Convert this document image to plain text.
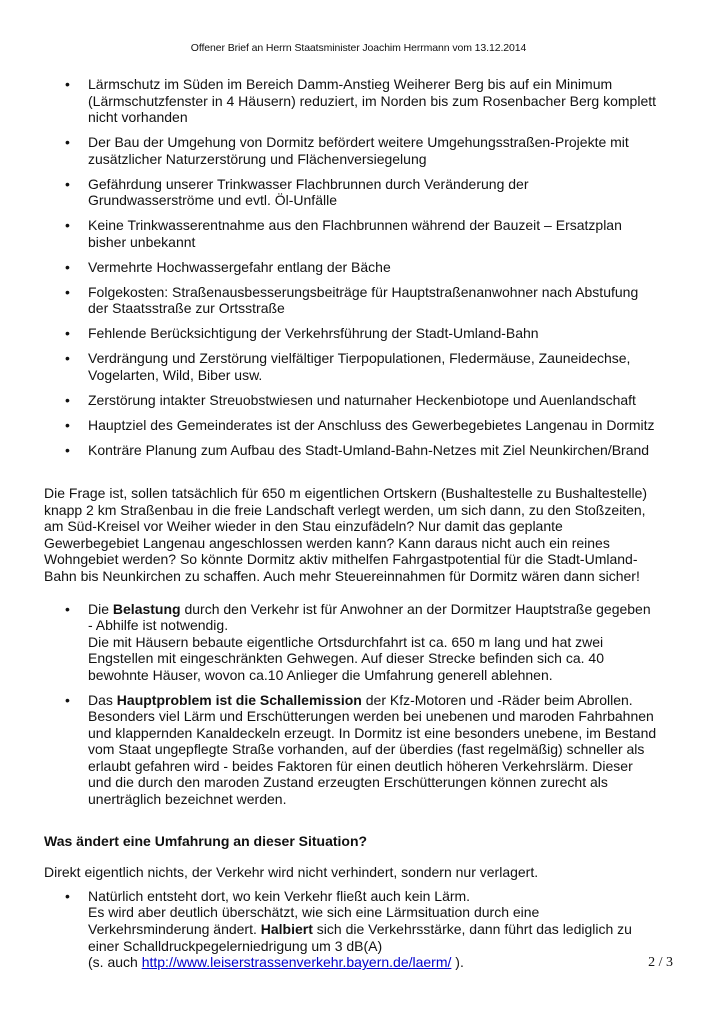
Offener Brief an Herrn Staatsminister Joachim Herrmann vom 13.12.2014
• Lärmschutz im Süden im Bereich Damm-Anstieg Weiherer Berg bis auf ein Minimum
(Lärmschutzfenster in 4 Häusern) reduziert, im Norden bis zum Rosenbacher Berg komplett
nicht vorhanden
• Der Bau der Umgehung von Dormitz befördert weitere Umgehungsstraßen-Projekte mit
zusätzlicher Naturzerstörung und Flächenversiegelung
• Gefährdung unserer Trinkwasser Flachbrunnen durch Veränderung der
Grundwasserströme und evtl. Öl-Unfälle
• Keine Trinkwasserentnahme aus den Flachbrunnen während der Bauzeit – Ersatzplan
bisher unbekannt
• Vermehrte Hochwassergefahr entlang der Bäche
• Folgekosten: Straßenausbesserungsbeiträge für Hauptstraßenanwohner nach Abstufung
der Staatsstraße zur Ortsstraße
• Fehlende Berücksichtigung der Verkehrsführung der Stadt-Umland-Bahn
• Verdrängung und Zerstörung vielfältiger Tierpopulationen, Fledermäuse, Zauneidechse,
Vogelarten, Wild, Biber usw.
• Zerstörung intakter Streuobstwiesen und naturnaher Heckenbiotope und Auenlandschaft
• Hauptziel des Gemeinderates ist der Anschluss des Gewerbegebietes Langenau in Dormitz
• Konträre Planung zum Aufbau des Stadt-Umland-Bahn-Netzes mit Ziel Neunkirchen/Brand
Die Frage ist, sollen tatsächlich für 650 m eigentlichen Ortskern (Bushaltestelle zu Bushaltestelle)
knapp 2 km Straßenbau in die freie Landschaft verlegt werden, um sich dann, zu den Stoßzeiten,
am Süd-Kreisel vor Weiher wieder in den Stau einzufädeln? Nur damit das geplante
Gewerbegebiet Langenau angeschlossen werden kann? Kann daraus nicht auch ein reines
Wohngebiet werden? So könnte Dormitz aktiv mithelfen Fahrgastpotential für die Stadt-Umland-
Bahn bis Neunkirchen zu schaffen. Auch mehr Steuereinnahmen für Dormitz wären dann sicher!
• Die Belastung durch den Verkehr ist für Anwohner an der Dormitzer Hauptstraße gegeben
- Abhilfe ist notwendig.
Die mit Häusern bebaute eigentliche Ortsdurchfahrt ist ca. 650 m lang und hat zwei
Engstellen mit eingeschränkten Gehwegen. Auf dieser Strecke befinden sich ca. 40
bewohnte Häuser, wovon ca.10 Anlieger die Umfahrung generell ablehnen.
• Das Hauptproblem ist die Schallemission der Kfz-Motoren und -Räder beim Abrollen.
Besonders viel Lärm und Erschütterungen werden bei unebenen und maroden Fahrbahnen
und klappernden Kanaldeckeln erzeugt. In Dormitz ist eine besonders unebene, im Bestand
vom Staat ungepflegte Straße vorhanden, auf der überdies (fast regelmäßig) schneller als
erlaubt gefahren wird - beides Faktoren für einen deutlich höheren Verkehrslärm. Dieser
und die durch den maroden Zustand erzeugten Erschütterungen können zurecht als
unerträglich bezeichnet werden.
Was ändert eine Umfahrung an dieser Situation?
Direkt eigentlich nichts, der Verkehr wird nicht verhindert, sondern nur verlagert.
• Natürlich entsteht dort, wo kein Verkehr fließt auch kein Lärm.
Es wird aber deutlich überschätzt, wie sich eine Lärmsituation durch eine
Verkehrsminderung ändert. Halbiert sich die Verkehrsstärke, dann führt das lediglich zu
einer Schalldruckpegelerniedrigung um 3 dB(A)
(s. auch http://www.leiserstrassenverkehr.bayern.de/laerm/ ).	2 / 3
